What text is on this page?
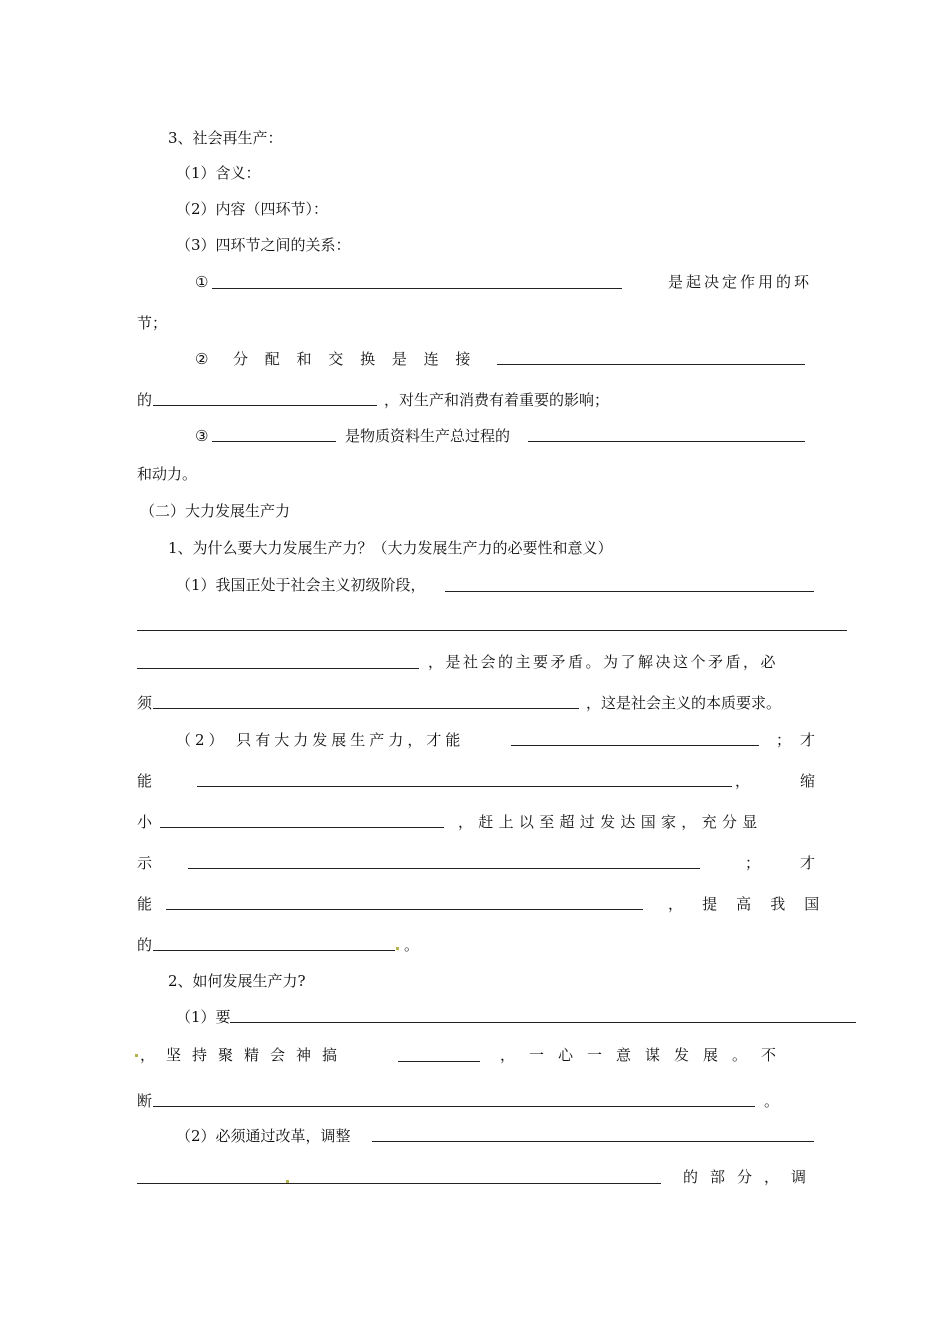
3、社会再生产：
（1）含义：
（2）内容（四环节）：
（3）四环节之间的关系：
①	是起决定作用的环
节；
② 分 配 和 交 换 是 连 接
的	，对生产和消费有着重要的影响；
③	是物质资料生产总过程的
和动力。
（二）大力发展生产力
1、为什么要大力发展生产力？（大力发展生产力的必要性和意义）
（1）我国正处于社会主义初级阶段，
，是社会的主要矛盾。为了解决这个矛盾，必
须	，这是社会主义的本质要求。
（2） 只有大力发展生产力，才能	； 才
能	，	缩
小	，赶上以至超过发达国家，充分显
示	；	才
能	，    提    高    我    国
的	。
2、如何发展生产力?
（1）要
，坚持聚精会神搞	，一心一意谋发展。不
断	。
（2）必须通过改革，调整
的部分，调
